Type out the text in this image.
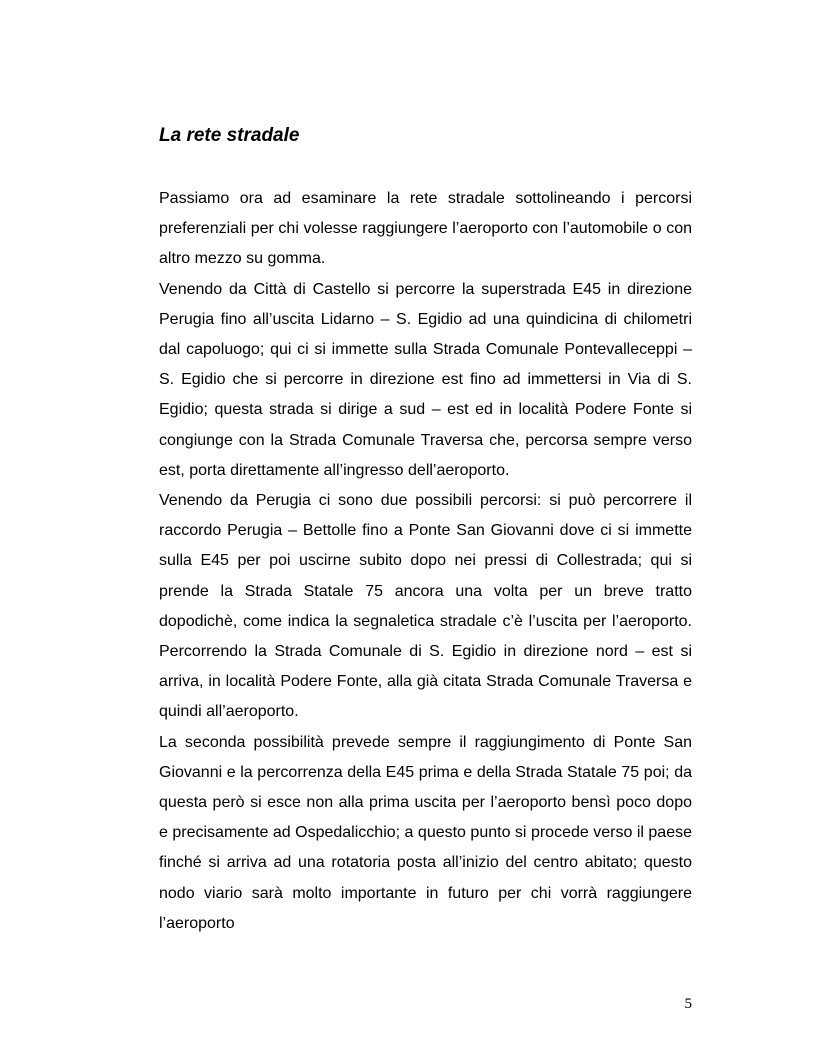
La rete stradale

Passiamo ora ad esaminare la rete stradale sottolineando i percorsi preferenziali per chi volesse raggiungere l’aeroporto con l’automobile o con altro mezzo su gomma.

Venendo da Città di Castello si percorre la superstrada E45 in direzione Perugia fino all’uscita Lidarno – S. Egidio ad una quindicina di chilometri dal capoluogo; qui ci si immette sulla Strada Comunale Pontevalleceppi – S. Egidio che si percorre in direzione est fino ad immettersi in Via di S. Egidio; questa strada si dirige a sud – est ed in località Podere Fonte si congiunge con la Strada Comunale Traversa che, percorsa sempre verso est, porta direttamente all’ingresso dell’aeroporto.

Venendo da Perugia ci sono due possibili percorsi: si può percorrere il raccordo Perugia – Bettolle fino a Ponte San Giovanni dove ci si immette sulla E45 per poi uscirne subito dopo nei pressi di Collestrada; qui si prende la Strada Statale 75 ancora una volta per un breve tratto dopodichè, come indica la segnaletica stradale c’è l’uscita per l’aeroporto. Percorrendo la Strada Comunale di S. Egidio in direzione nord – est si arriva, in località Podere Fonte, alla già citata Strada Comunale Traversa e quindi all’aeroporto.

La seconda possibilità prevede sempre il raggiungimento di Ponte San Giovanni e la percorrenza della E45 prima e della Strada Statale 75 poi; da questa però si esce non alla prima uscita per l’aeroporto bensì poco dopo e precisamente ad Ospedalicchio; a questo punto si procede verso il paese finché si arriva ad una rotatoria posta all’inizio del centro abitato; questo nodo viario sarà molto importante in futuro per chi vorrà raggiungere l’aeroporto

5
